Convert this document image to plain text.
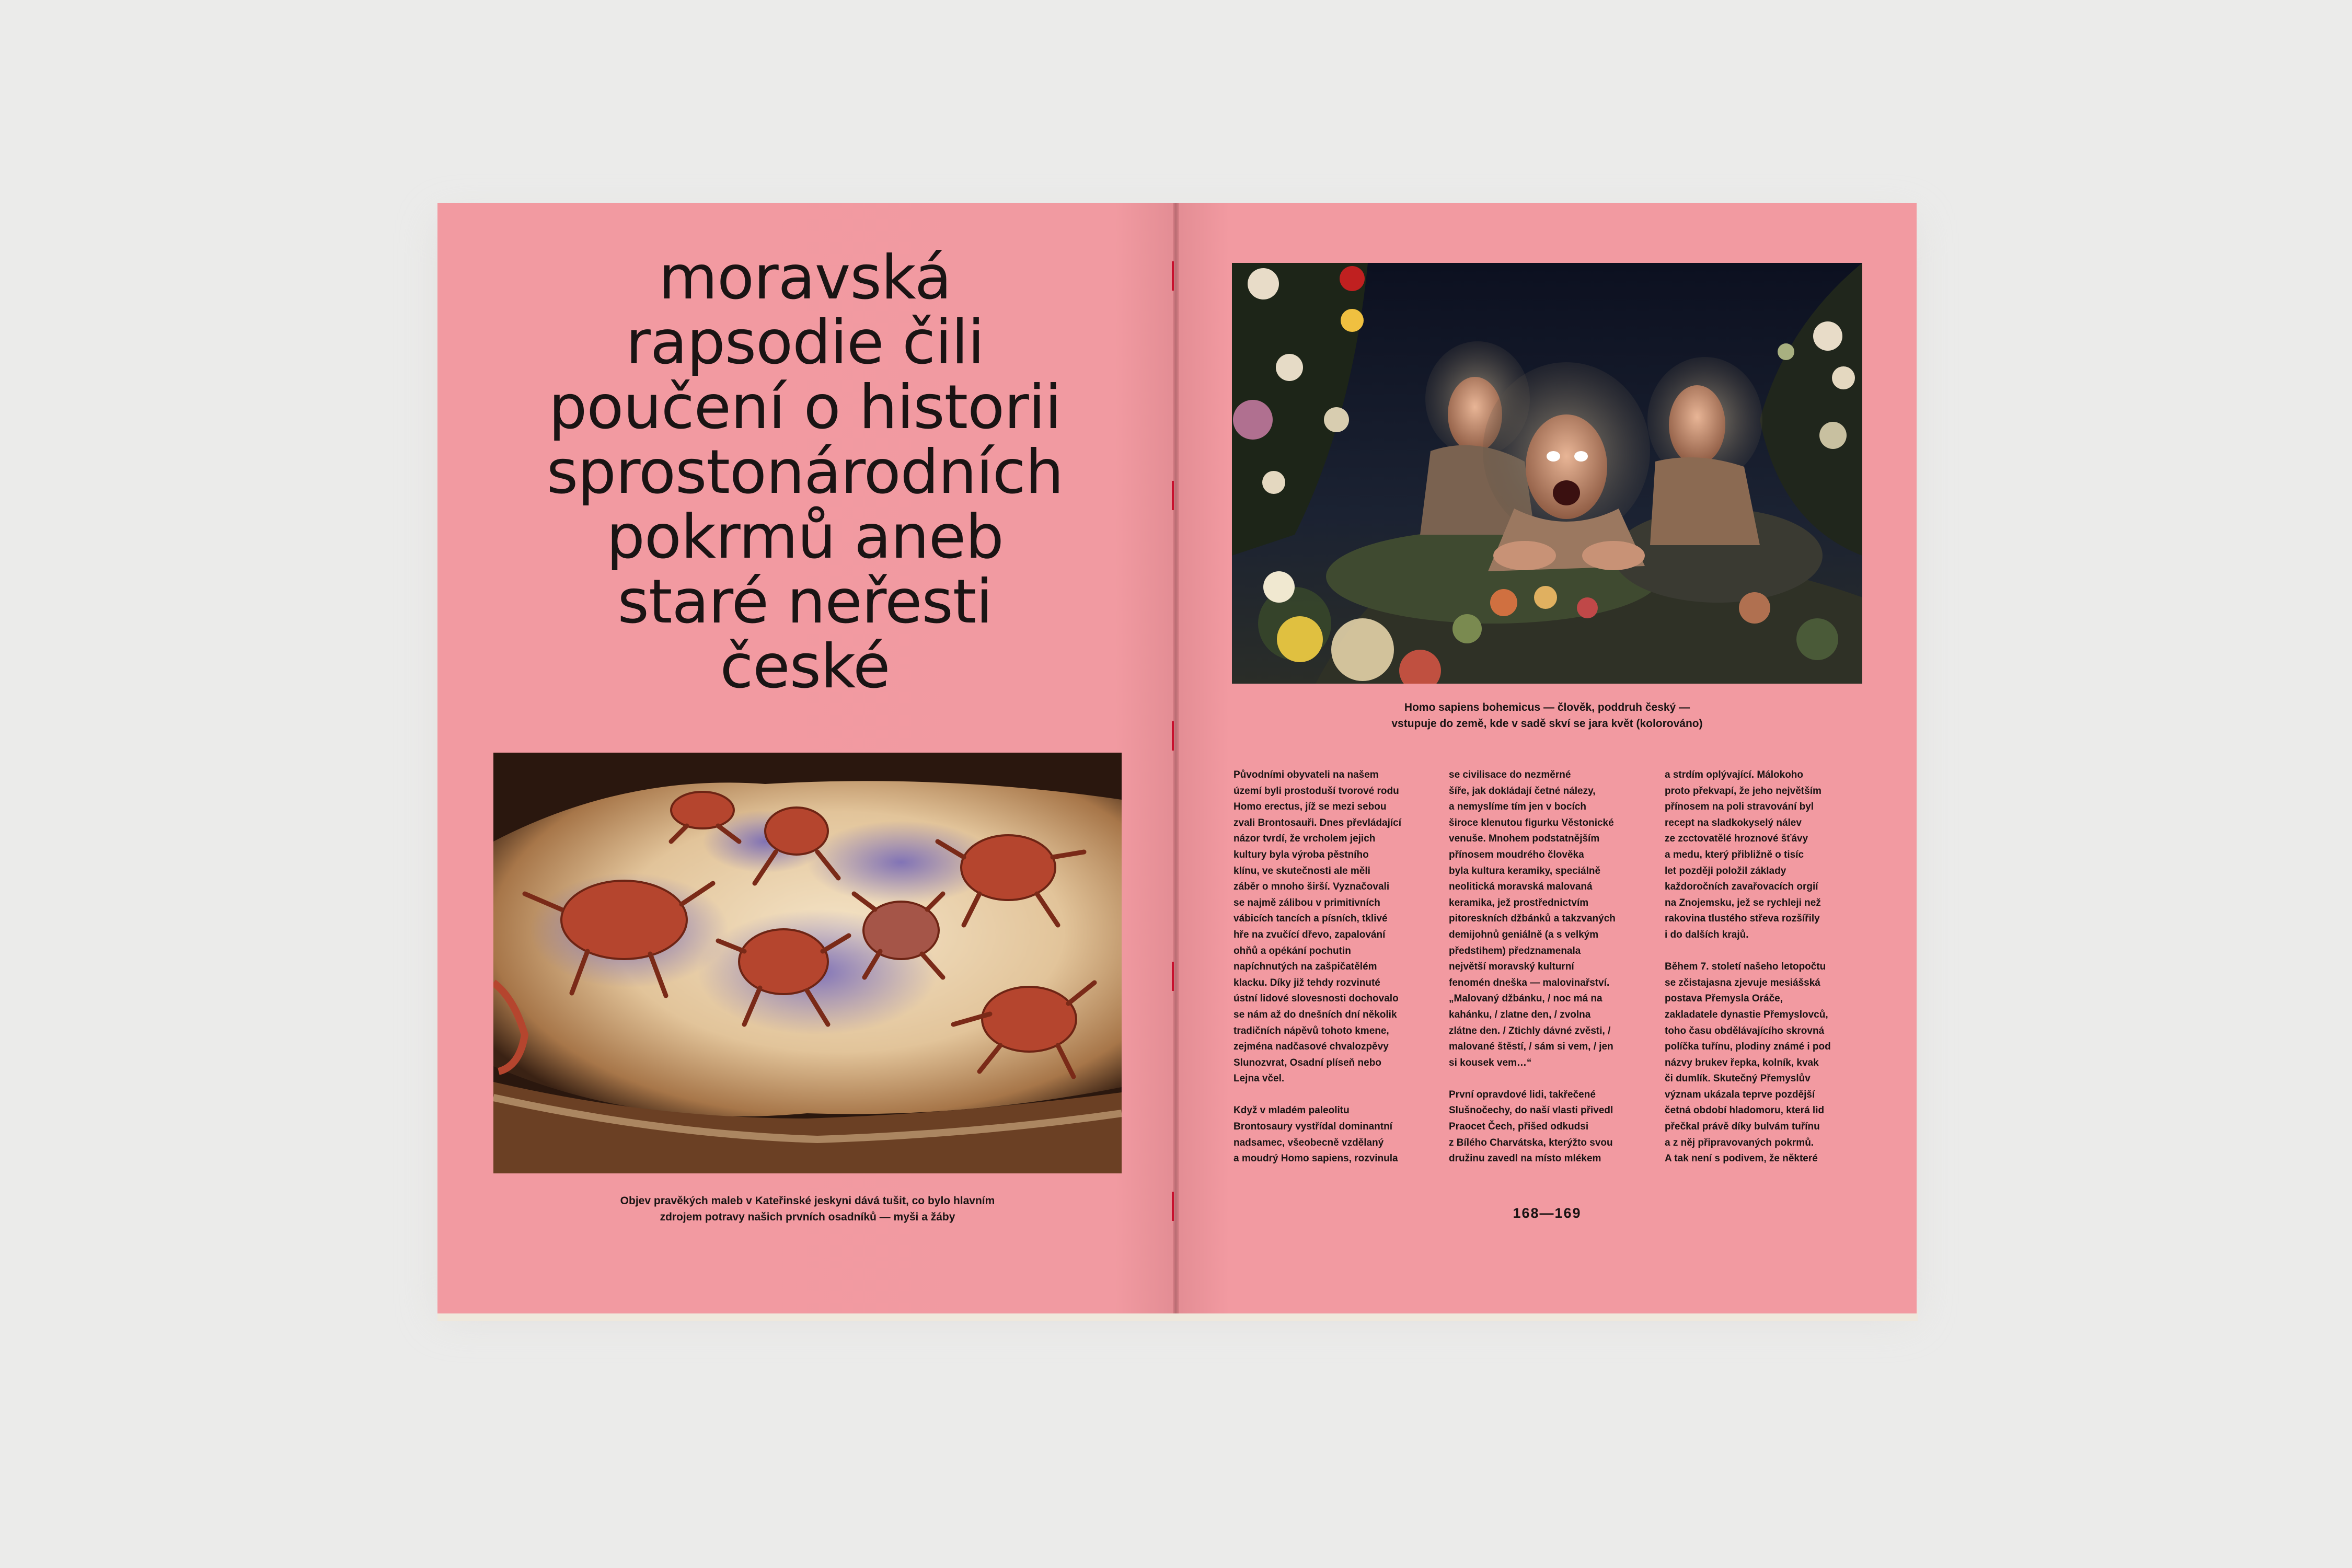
moravská
rapsodie čili
poučení o historii
sprostonárodních
pokrmů aneb
staré neřesti
české
Objev pravěkých maleb v Kateřinské jeskyni dává tušit, co bylo hlavním
zdrojem potravy našich prvních osadníků — myši a žáby
Homo sapiens bohemicus — člověk, poddruh český —
vstupuje do země, kde v sadě skví se jara květ (kolorováno)
Původními obyvateli na našem
území byli prostoduší tvorové rodu
Homo erectus, jíž se mezi sebou
zvali Brontosauři. Dnes převládající
názor tvrdí, že vrcholem jejich
kultury byla výroba pěstního
klínu, ve skutečnosti ale měli
záběr o mnoho širší. Vyznačovali
se najmě zálibou v primitivních
vábicích tancích a písních, tklivé
hře na zvučící dřevo, zapalování
ohňů a opékání pochutin
napíchnutých na zašpičatělém
klacku. Díky již tehdy rozvinuté
ústní lidové slovesnosti dochovalo
se nám až do dnešních dní několik
tradičních nápěvů tohoto kmene,
zejména nadčasové chvalozpěvy
Slunozvrat, Osadní plíseň nebo
Lejna včel.
Když v mladém paleolitu
Brontosaury vystřídal dominantní
nadsamec, všeobecně vzdělaný
a moudrý Homo sapiens, rozvinula
se civilisace do nezměrné
šíře, jak dokládají četné nálezy,
a nemyslíme tím jen v bocích
široce klenutou figurku Věstonické
venuše. Mnohem podstatnějším
přínosem moudrého člověka
byla kultura keramiky, speciálně
neolitická moravská malovaná
keramika, jež prostřednictvím
pitoreskních džbánků a takzvaných
demijohnů geniálně (a s velkým
předstihem) předznamenala
největší moravský kulturní
fenomén dneška — malovinařství.
„Malovaný džbánku, / noc má na
kahánku, / zlatne den, / zvolna
zlátne den. / Ztichly dávné zvěsti, /
malované štěstí, / sám si vem, / jen
si kousek vem…“
První opravdové lidi, takřečené
Slušnočechy, do naší vlasti přivedl
Praocet Čech, přišed odkudsi
z Bílého Charvátska, kterýžto svou
družinu zavedl na místo mlékem
a strdím oplývající. Málokoho
proto překvapí, že jeho největším
přínosem na poli stravování byl
recept na sladkokyselý nálev
ze zcctovatělé hroznové šťávy
a medu, který přibližně o tisíc
let později položil základy
každoročních zavařovacích orgií
na Znojemsku, jež se rychleji než
rakovina tlustého střeva rozšířily
i do dalších krajů.
Během 7. století našeho letopočtu
se zčistajasna zjevuje mesiášská
postava Přemysla Oráče,
zakladatele dynastie Přemyslovců,
toho času obdělávajícího skrovná
políčka tuřínu, plodiny známé i pod
názvy brukev řepka, kolník, kvak
či dumlík. Skutečný Přemyslův
význam ukázala teprve pozdější
četná období hladomoru, která lid
přečkal právě díky bulvám tuřínu
a z něj připravovaných pokrmů.
A tak není s podivem, že některé
168—169
